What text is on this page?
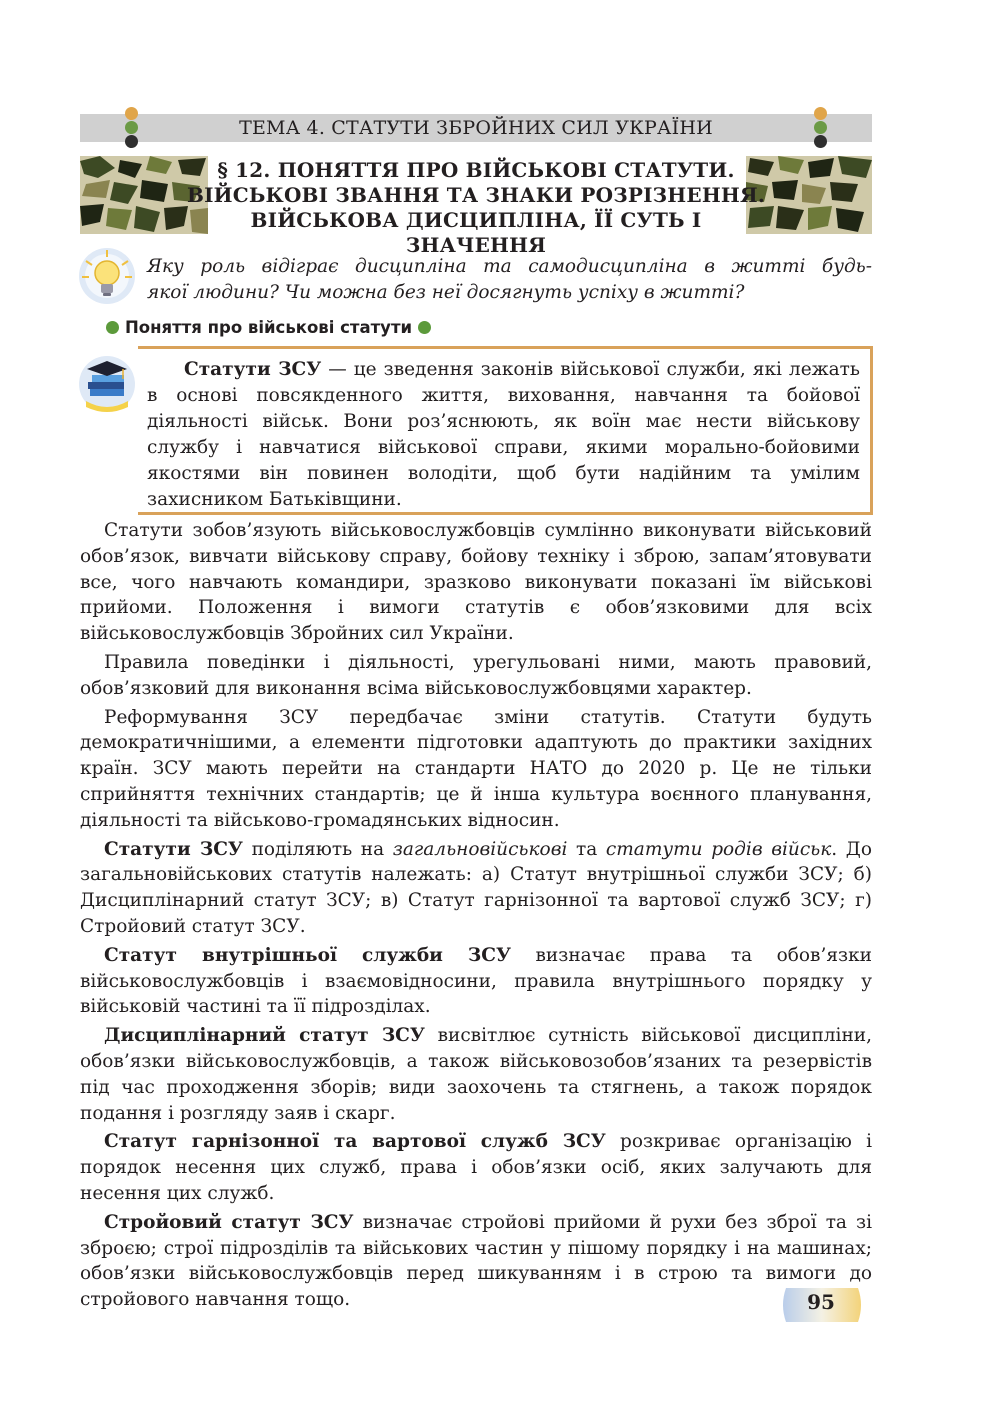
ТЕМА 4. СТАТУТИ ЗБРОЙНИХ СИЛ УКРАЇНИ
§ 12. ПОНЯТТЯ ПРО ВІЙСЬКОВІ СТАТУТИ.
ВІЙСЬКОВІ ЗВАННЯ ТА ЗНАКИ РОЗРІЗНЕННЯ.
ВІЙСЬКОВА ДИСЦИПЛІНА, ЇЇ СУТЬ І ЗНАЧЕННЯ
Яку роль відіграє дисципліна та самодисципліна в житті будь-
якої людини? Чи можна без неї досягнуть успіху в житті?
Поняття про військові статути
  Статути ЗСУ — це зведення законів військової служби, які лежать в основі повсякденного життя, виховання, навчання та бойової діяльності військ. Вони роз’яснюють, як воїн має нести військову службу і навчатися військової справи, якими морально-бойовими якостями він повинен володіти, щоб бути надійним та умілим захисником Батьківщини.

Статути зобов’язують військовослужбовців сумлінно виконувати військовий обов’язок, вивчати військову справу, бойову техніку і зброю, запам’ятовувати все, чого навчають командири, зразково виконувати показані їм військові прийоми. Положення і вимоги статутів є обов’язковими для всіх військовослужбовців Збройних сил України.

Правила поведінки і діяльності, урегульовані ними, мають правовий, обов’язковий для виконання всіма військовослужбовцями характер.

Реформування ЗСУ передбачає зміни статутів. Статути будуть демократичнішими, а елементи підготовки адаптують до практики західних країн. ЗСУ мають перейти на стандарти НАТО до 2020 р. Це не тільки сприйняття технічних стандартів; це й інша культура воєнного планування, діяльності та військово-громадянських відносин.

Статути ЗСУ поділяють на загальновійськові та статути родів військ. До загальновійськових статутів належать: а) Статут внутрішньої служби ЗСУ; б) Дисциплінарний статут ЗСУ; в) Статут гарнізонної та вартової служб ЗСУ; г) Стройовий статут ЗСУ.

Статут внутрішньої служби ЗСУ визначає права та обов’язки військовослужбовців і взаємовідносини, правила внутрішнього порядку у військовій частині та її підрозділах.

Дисциплінарний статут ЗСУ висвітлює сутність військової дисципліни, обов’язки військовослужбовців, а також військовозобов’язаних та резервістів під час проходження зборів; види заохочень та стягнень, а також порядок подання і розгляду заяв і скарг.

Статут гарнізонної та вартової служб ЗСУ розкриває організацію і порядок несення цих служб, права і обов’язки осіб, яких залучають для несення цих служб.

Стройовий статут ЗСУ визначає стройові прийоми й рухи без зброї та зі зброєю; строї підрозділів та військових частин у пішому порядку і на машинах; обов’язки військовослужбовців перед шикуванням і в строю та вимоги до стройового навчання тощо.	95
